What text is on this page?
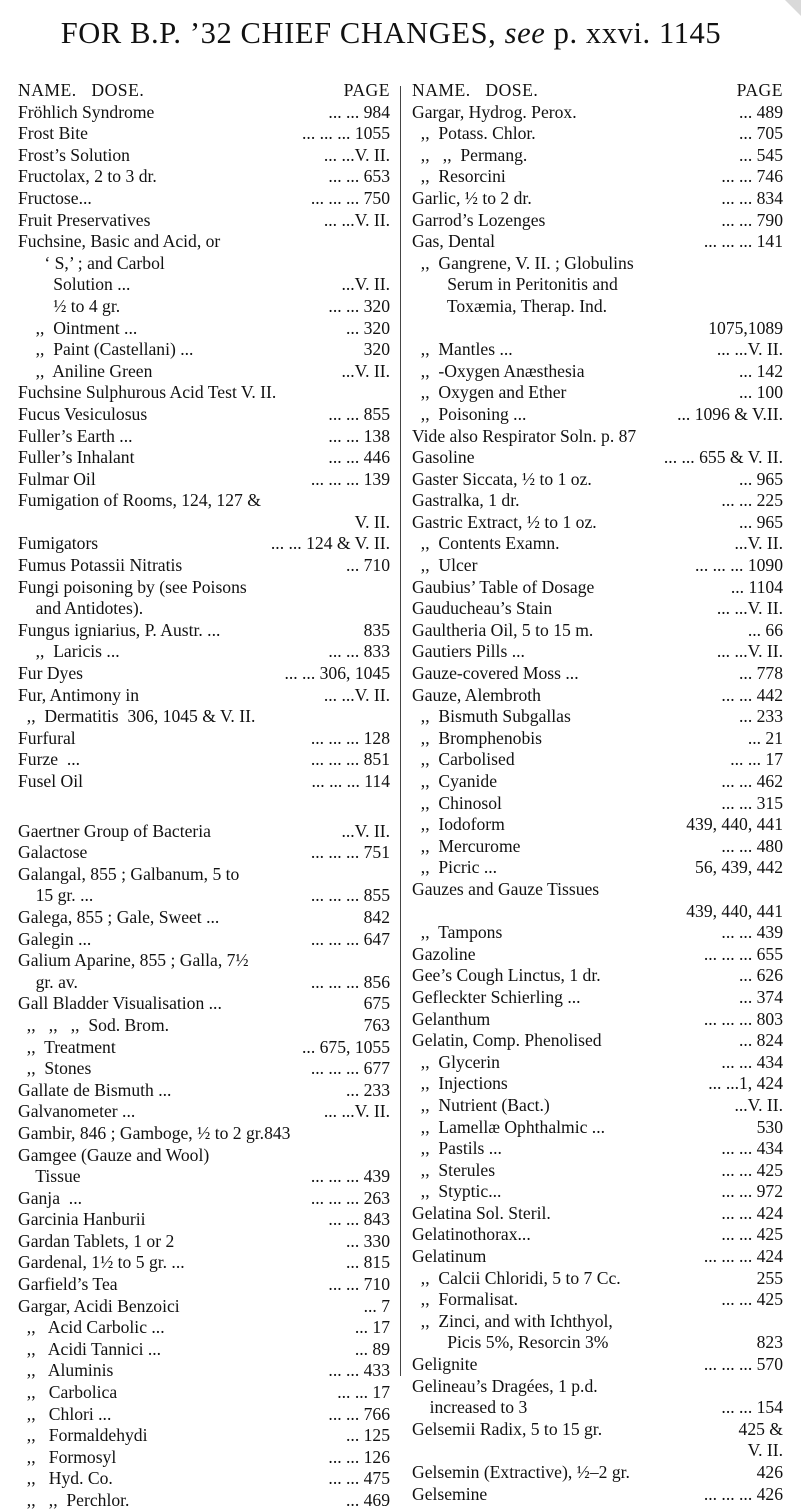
FOR B.P. ’32 CHIEF CHANGES, see p. xxvi. 1145
NAME.   DOSE.	PAGE
Fröhlich Syndrome	... ... 984
Frost Bite	... ... ... 1055
Frost’s Solution	... ...V. II.
Fructolax, 2 to 3 dr.	... ... 653
Fructose...	... ... ... 750
Fruit Preservatives	... ...V. II.
Fuchsine, Basic and Acid, or
‘ S,’ ; and Carbol
Solution ...	...V. II.
½ to 4 gr.	... ... 320
,,  Ointment ...	... 320
,,  Paint (Castellani) ...	320
,,  Aniline Green	...V. II.
Fuchsine Sulphurous Acid Test V. II.
Fucus Vesiculosus	... ... 855
Fuller’s Earth ...	... ... 138
Fuller’s Inhalant	... ... 446
Fulmar Oil	... ... ... 139
Fumigation of Rooms, 124, 127 &
V. II.
Fumigators	... ... 124 & V. II.
Fumus Potassii Nitratis	... 710
Fungi poisoning by (see Poisons
and Antidotes).
Fungus igniarius, P. Austr. ...	835
,,  Laricis ...	... ... 833
Fur Dyes	... ... 306, 1045
Fur, Antimony in	... ...V. II.
,,  Dermatitis  306, 1045 & V. II.
Furfural	... ... ... 128
Furze  ...	... ... ... 851
Fusel Oil	... ... ... 114
Gaertner Group of Bacteria	...V. II.
Galactose	... ... ... 751
Galangal, 855 ; Galbanum, 5 to
15 gr. ...	... ... ... 855
Galega, 855 ; Gale, Sweet ...	842
Galegin ...	... ... ... 647
Galium Aparine, 855 ; Galla, 7½
gr. av.	... ... ... 856
Gall Bladder Visualisation ...	675
,,   ,,   ,,  Sod. Brom.	763
,,  Treatment	... 675, 1055
,,  Stones	... ... ... 677
Gallate de Bismuth ...	... 233
Galvanometer ...	... ...V. II.
Gambir, 846 ; Gamboge, ½ to 2 gr.843
Gamgee (Gauze and Wool)
Tissue	... ... ... 439
Ganja  ...	... ... ... 263
Garcinia Hanburii	... ... 843
Gardan Tablets, 1 or 2	... 330
Gardenal, 1½ to 5 gr. ...	... 815
Garfield’s Tea	... ... 710
Gargar, Acidi Benzoici	... 7
,,   Acid Carbolic ...	... 17
,,   Acidi Tannici ...	... 89
,,   Aluminis	... ... 433
,,   Carbolica	... ... 17
,,   Chlori ...	... ... 766
,,   Formaldehydi	... 125
,,   Formosyl	... ... 126
,,   Hyd. Co.	... ... 475
,,   ,,  Perchlor.	... 469
NAME.   DOSE.	PAGE
Gargar, Hydrog. Perox.	... 489
,,  Potass. Chlor.	... 705
,,   ,,  Permang.	... 545
,,  Resorcini	... ... 746
Garlic, ½ to 2 dr.	... ... 834
Garrod’s Lozenges	... ... 790
Gas, Dental	... ... ... 141
,,  Gangrene, V. II. ; Globulins
Serum in Peritonitis and
Toxæmia, Therap. Ind.
1075,1089
,,  Mantles ...	... ...V. II.
,,  -Oxygen Anæsthesia	... 142
,,  Oxygen and Ether	... 100
,,  Poisoning ...	... 1096 & V.II.
Vide also Respirator Soln. p. 87
Gasoline	... ... 655 & V. II.
Gaster Siccata, ½ to 1 oz.	... 965
Gastralka, 1 dr.	... ... 225
Gastric Extract, ½ to 1 oz.	... 965
,,  Contents Examn.	...V. II.
,,  Ulcer	... ... ... 1090
Gaubius’ Table of Dosage	... 1104
Gauducheau’s Stain	... ...V. II.
Gaultheria Oil, 5 to 15 m.	... 66
Gautiers Pills ...	... ...V. II.
Gauze-covered Moss ...	... 778
Gauze, Alembroth	... ... 442
,,  Bismuth Subgallas	... 233
,,  Bromphenobis	... 21
,,  Carbolised	... ... 17
,,  Cyanide	... ... 462
,,  Chinosol	... ... 315
,,  Iodoform	439, 440, 441
,,  Mercurome	... ... 480
,,  Picric ...	56, 439, 442
Gauzes and Gauze Tissues
439, 440, 441
,,  Tampons	... ... 439
Gazoline	... ... ... 655
Gee’s Cough Linctus, 1 dr.	... 626
Gefleckter Schierling ...	... 374
Gelanthum	... ... ... 803
Gelatin, Comp. Phenolised	... 824
,,  Glycerin	... ... 434
,,  Injections	... ...1, 424
,,  Nutrient (Bact.)	...V. II.
,,  Lamellæ Ophthalmic ...	530
,,  Pastils ...	... ... 434
,,  Sterules	... ... 425
,,  Styptic...	... ... 972
Gelatina Sol. Steril.	... ... 424
Gelatinothorax...	... ... 425
Gelatinum	... ... ... 424
,,  Calcii Chloridi, 5 to 7 Cc.	255
,,  Formalisat.	... ... 425
,,  Zinci, and with Ichthyol,
Picis 5%, Resorcin 3%	823
Gelignite	... ... ... 570
Gelineau’s Dragées, 1 p.d.
increased to 3	... ... 154
Gelsemii Radix, 5 to 15 gr.	425 &
V. II.
Gelsemin (Extractive), ½–2 gr.	426
Gelsemine	... ... ... 426
